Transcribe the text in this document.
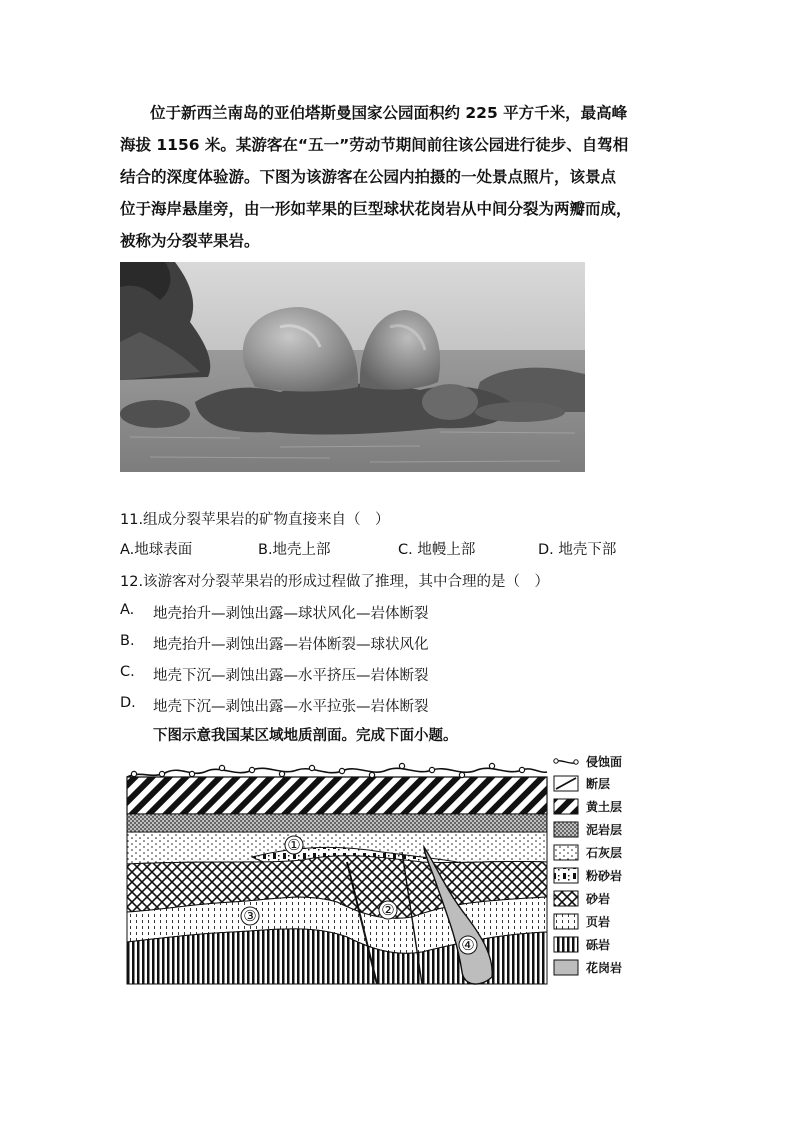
位于新西兰南岛的亚伯塔斯曼国家公园面积约 225 平方千米，最高峰
海拔 1156 米。某游客在“五一”劳动节期间前往该公园进行徒步、自驾相
结合的深度体验游。下图为该游客在公园内拍摄的一处景点照片，该景点
位于海岸悬崖旁，由一形如苹果的巨型球状花岗岩从中间分裂为两瓣而成，
被称为分裂苹果岩。
11.组成分裂苹果岩的矿物直接来自（　）
A.地球表面	B.地壳上部	C. 地幔上部	D. 地壳下部
12.该游客对分裂苹果岩的形成过程做了推理，其中合理的是（　）
A. 地壳抬升—剥蚀出露—球状风化—岩体断裂
B. 地壳抬升—剥蚀出露—岩体断裂—球状风化
C. 地壳下沉—剥蚀出露—水平挤压—岩体断裂
D. 地壳下沉—剥蚀出露—水平拉张—岩体断裂
下图示意我国某区域地质剖面。完成下面小题。
①
②
③
④
侵蚀面
断层
黄土层
泥岩层
石灰层
粉砂岩
砂岩
页岩
砾岩
花岗岩
